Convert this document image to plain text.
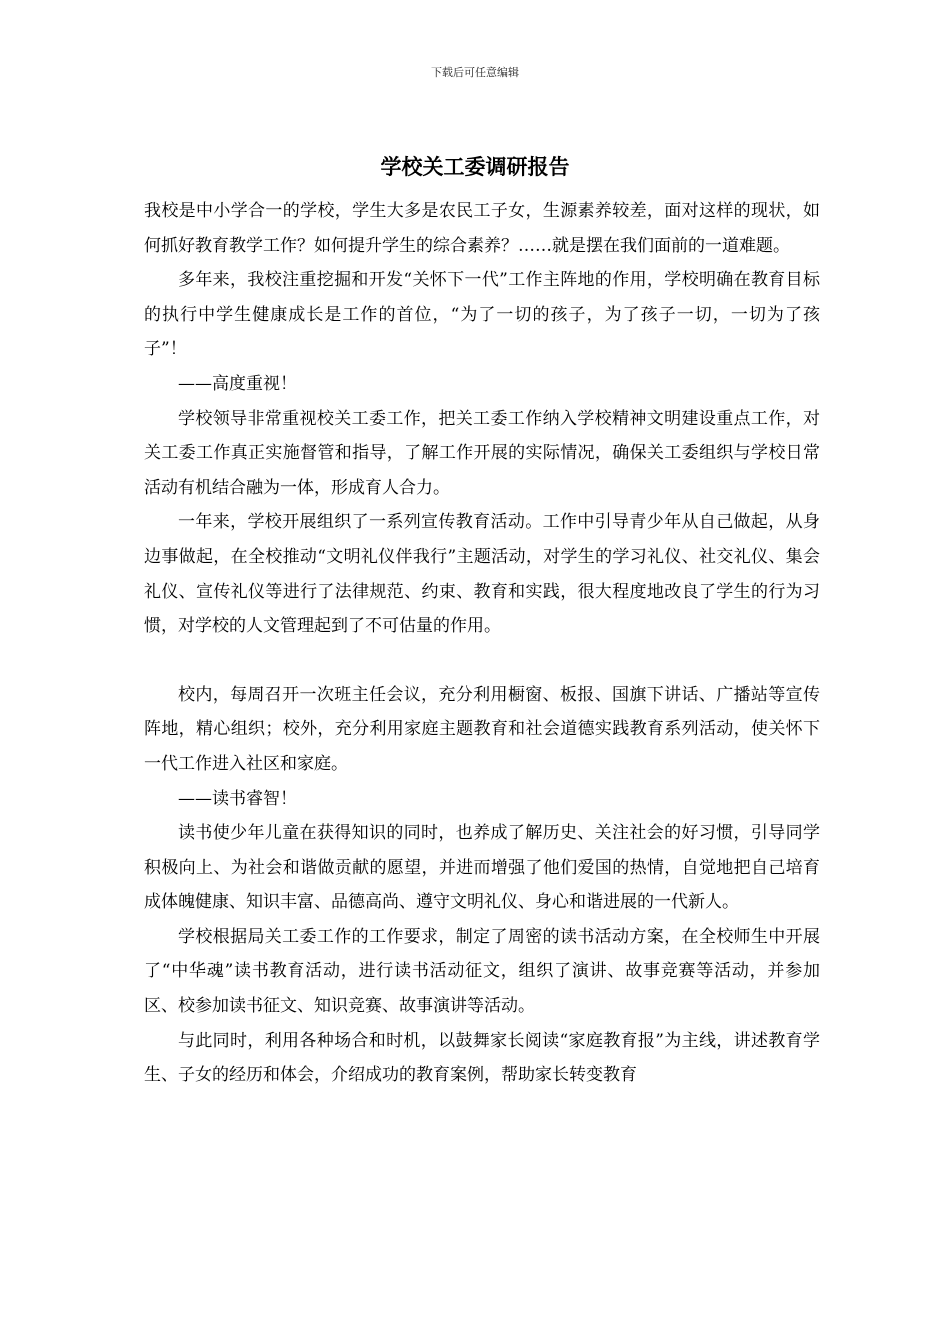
下载后可任意编辑
学校关工委调研报告

我校是中小学合一的学校，学生大多是农民工子女，生源素养较差，面对这样的现状，如何抓好教育教学工作？如何提升学生的综合素养？……就是摆在我们面前的一道难题。

多年来，我校注重挖掘和开发“关怀下一代”工作主阵地的作用，学校明确在教育目标的执行中学生健康成长是工作的首位，“为了一切的孩子，为了孩子一切，一切为了孩子”！

——高度重视！

学校领导非常重视校关工委工作，把关工委工作纳入学校精神文明建设重点工作，对关工委工作真正实施督管和指导，了解工作开展的实际情况，确保关工委组织与学校日常活动有机结合融为一体，形成育人合力。

一年来，学校开展组织了一系列宣传教育活动。工作中引导青少年从自己做起，从身边事做起，在全校推动“文明礼仪伴我行”主题活动，对学生的学习礼仪、社交礼仪、集会礼仪、宣传礼仪等进行了法律规范、约束、教育和实践，很大程度地改良了学生的行为习惯，对学校的人文管理起到了不可估量的作用。

校内，每周召开一次班主任会议，充分利用橱窗、板报、国旗下讲话、广播站等宣传阵地，精心组织；校外，充分利用家庭主题教育和社会道德实践教育系列活动，使关怀下一代工作进入社区和家庭。

——读书睿智！

读书使少年儿童在获得知识的同时，也养成了解历史、关注社会的好习惯，引导同学积极向上、为社会和谐做贡献的愿望，并进而增强了他们爱国的热情，自觉地把自己培育成体魄健康、知识丰富、品德高尚、遵守文明礼仪、身心和谐进展的一代新人。

学校根据局关工委工作的工作要求，制定了周密的读书活动方案，在全校师生中开展了“中华魂”读书教育活动，进行读书活动征文，组织了演讲、故事竞赛等活动，并参加区、校参加读书征文、知识竞赛、故事演讲等活动。

与此同时，利用各种场合和时机，以鼓舞家长阅读“家庭教育报”为主线，讲述教育学生、子女的经历和体会，介绍成功的教育案例，帮助家长转变教育
